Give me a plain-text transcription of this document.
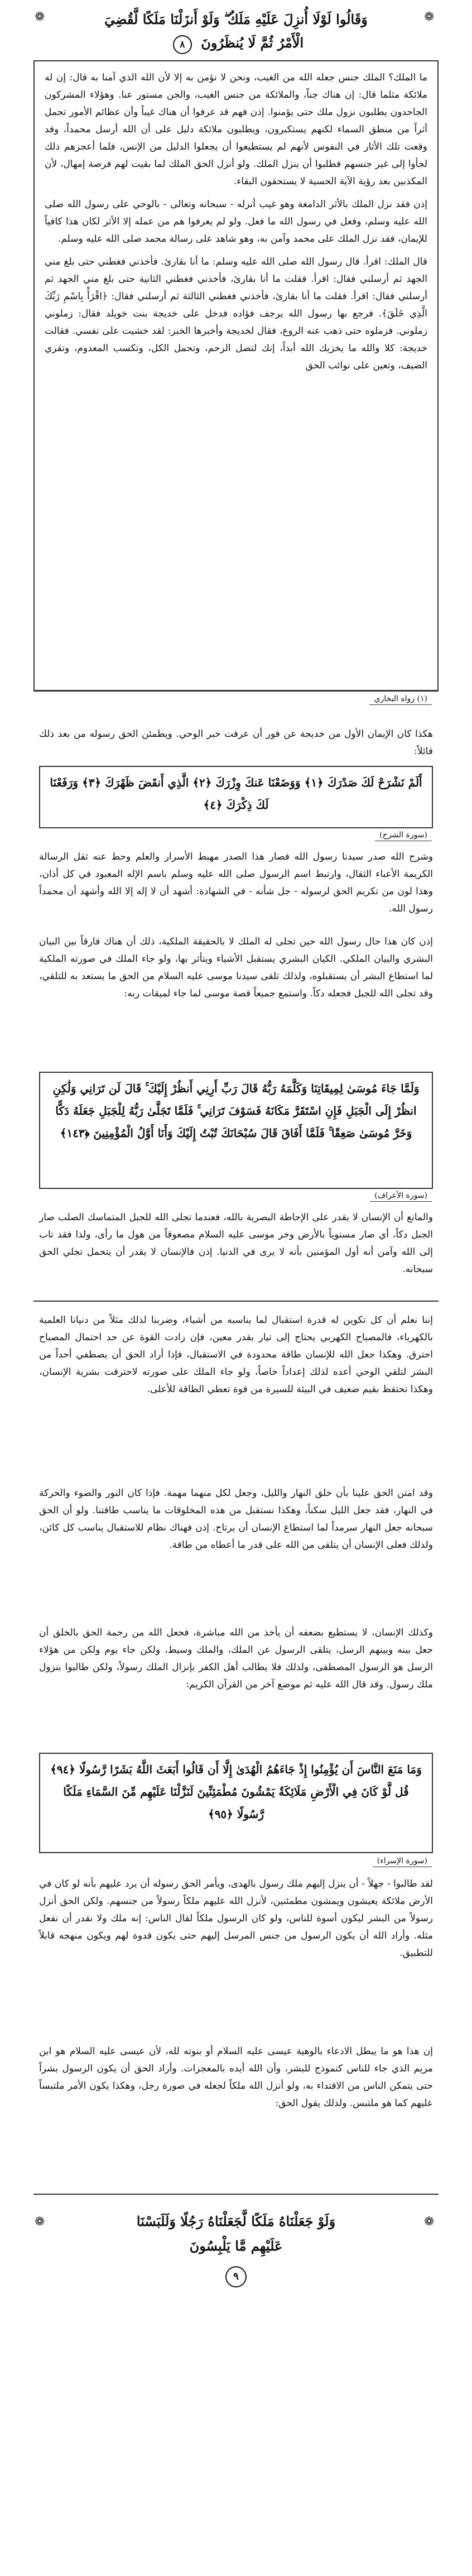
❁	❁
وَقَالُوا لَوْلَا أُنزِلَ عَلَيْهِ مَلَكٌ ۖ وَلَوْ أَنزَلْنَا مَلَكًا لَّقُضِيَ
الْأَمْرُ ثُمَّ لَا يُنظَرُونَ ٨

ما الملك؟ الملك جنس جعله الله من الغيب، ونحن لا نؤمن به إلا لأن الله الذي آمنا به قال: إن له ملائكة مثلما قال: إن هناك جناً، والملائكة من جنس الغيب، والجن مستور عنا. وهؤلاء المشركون الجاحدون يطلبون نزول ملك حتى يؤمنوا. إذن فهم قد عرفوا أن هناك غيباً وأن عظائم الأمور تحمل أثراً من منطق السماء لكنهم يستكبرون، ويطلبون ملائكة دليل على أن الله أرسل محمداً، وقد وقعت تلك الأثار في النفوس لأنهم لم يستطيعوا أن يجعلوا الدليل من الإنس، فلما أعجزهم ذلك لجأوا إلى غير جنسهم فطلبوا أن ينزل الملك. ولو أنزل الحق الملك لما بقيت لهم فرصة إمهال، لأن المكذبين بعد رؤية الآية الحسية لا يستحقون البقاء.

إذن فقد نزل الملك بالأثر الدامغة وهو غيب أنزله - سبحانه وتعالى - بالوحي على رسول الله صلى الله عليه وسلم، وفعل في رسول الله ما فعل. ولو لم يعرفوا هم من عمله إلا الأثر لكان هذا كافياً للإيمان، فقد نزل الملك على محمد وآمن به، وهو شاهد على رسالة محمد صلى الله عليه وسلم.

قال الملك: اقرأ. قال رسول الله صلى الله عليه وسلم: ما أنا بقارئ. فأخذني فغطني حتى بلغ مني الجهد ثم أرسلني فقال: اقرأ. فقلت ما أنا بقارئ، فأخذني فغطني الثانية حتى بلغ مني الجهد ثم أرسلني فقال: اقرأ. فقلت ما أنا بقارئ، فأخذني فغطني الثالثة ثم أرسلني فقال: ﴿اقْرَأْ بِاسْمِ رَبِّكَ الَّذِي خَلَقَ﴾. فرجع بها رسول الله يرجف فؤاده فدخل على خديجة بنت خويلد فقال: زملوني زملوني. فزملوه حتى ذهب عنه الروع، فقال لخديجة وأخبرها الخبر: لقد خشيت على نفسي. فقالت خديجة: كلا والله ما يخزيك الله أبداً، إنك لتصل الرحم، وتحمل الكل، وتكسب المعدوم، وتقري الضيف، وتعين على نوائب الحق

(١) رواه البخاري
هكذا كان الإيمان الأول من خديجة عن فور أن عرفت خبر الوحي. ويطمئن الحق رسوله من بعد ذلك قائلاً:
أَلَمْ نَشْرَحْ لَكَ صَدْرَكَ ﴿١﴾ وَوَضَعْنَا عَنكَ وِزْرَكَ ﴿٢﴾ الَّذِي أَنقَضَ ظَهْرَكَ ﴿٣﴾ وَرَفَعْنَا لَكَ ذِكْرَكَ ﴿٤﴾
(سورة الشرح)
وشرح الله صدر سيدنا رسول الله فصار هذا الصدر مهبط الأسرار والعلم وحط عنه ثقل الرسالة الكريمة الأعباء الثقال، وارتبط اسم الرسول صلى الله عليه وسلم باسم الإله المعبود في كل أذان، وهذا لون من تكريم الحق لرسوله - جل شأنه - في الشهادة: أشهد أن لا إله إلا الله وأشهد أن محمداً رسول الله.
إذن كان هذا حال رسول الله حين تجلى له الملك لا بالحقيقة الملكية، ذلك أن هناك فارقاً بين البيان البشري والبيان الملكي. الكيان البشري يستقبل الأشياء ويتأثر بها، ولو جاء الملك في صورته الملكية لما استطاع البشر أن يستقبلوه، ولذلك تلقى سيدنا موسى عليه السلام من الحق ما يستعد به للتلقي، وقد تجلى الله للجبل فجعله دكاً. واستمع جميعاً قصة موسى لما جاء لميقات ربه:
وَلَمَّا جَاءَ مُوسَىٰ لِمِيقَاتِنَا وَكَلَّمَهُ رَبُّهُ قَالَ رَبِّ أَرِنِي أَنظُرْ إِلَيْكَ ۚ قَالَ لَن تَرَانِي وَلَٰكِنِ انظُرْ إِلَى الْجَبَلِ فَإِنِ اسْتَقَرَّ مَكَانَهُ فَسَوْفَ تَرَانِي ۚ فَلَمَّا تَجَلَّىٰ رَبُّهُ لِلْجَبَلِ جَعَلَهُ دَكًّا وَخَرَّ مُوسَىٰ صَعِقًا ۚ فَلَمَّا أَفَاقَ قَالَ سُبْحَانَكَ تُبْتُ إِلَيْكَ وَأَنَا أَوَّلُ الْمُؤْمِنِينَ ﴿١٤٣﴾
(سورة الأعراف)
والمانع أن الإنسان لا يقدر على الإحاطة البصرية بالله، فعندما تجلى الله للجبل المتماسك الصلب صار الجبل دكاً، أي صار مستوياً بالأرض وخر موسى عليه السلام مصعوقاً من هول ما رأى، ولذا فقد تاب إلى الله وآمن أنه أول المؤمنين بأنه لا يرى في الدنيا. إذن فالإنسان لا يقدر أن يتحمل تجلي الحق سبحانه.
إننا نعلم أن كل تكوين له قدرة استقبال لما يناسبه من أشياء، وضربنا لذلك مثلاً من دنيانا العلمية بالكهرباء، فالمصباح الكهربي يحتاج إلى تيار بقدر معين، فإن زادت القوة عن حد احتمال المصباح احترق. وهكذا جعل الله للإنسان طاقة محدودة في الاستقبال، فإذا أراد الحق أن يصطفي أحداً من البشر لتلقي الوحي أعده لذلك إعداداً خاصاً، ولو جاء الملك على صورته لاحترقت بشرية الإنسان، وهكذا تحتفظ بقيم ضعيف في البيئة للسيرة من قوة تعطي الطاقة للأعلى.
وقد امتن الحق علينا بأن خلق النهار والليل، وجعل لكل منهما مهمة. فإذا كان النور والضوء والحركة في النهار، فقد جعل الليل سكناً، وهكذا نستقبل من هذه المخلوقات ما يناسب طاقتنا. ولو أن الحق سبحانه جعل النهار سرمداً لما استطاع الإنسان أن يرتاح. إذن فهناك نظام للاستقبال يناسب كل كائن، ولذلك فعلى الإنسان أن يتلقى من الله على قدر ما أعطاه من طاقة.
وكذلك الإنسان، لا يستطيع بضعفه أن يأخذ من الله مباشرة، فجعل الله من رحمة الحق بالخلق أن جعل بينه وبينهم الرسل، يتلقى الرسول عن الملك، والملك وسيط، ولكن جاء يوم ولكن من هؤلاء الرسل هو الرسول المصطفى، ولذلك فلا يطالب أهل الكفر بإنزال الملك رسولاً، ولكن طالبوا بنزول ملك رسول. وقد قال الله عليه ثم موضع آخر من القرآن الكريم:
وَمَا مَنَعَ النَّاسَ أَن يُؤْمِنُوا إِذْ جَاءَهُمُ الْهُدَىٰ إِلَّا أَن قَالُوا أَبَعَثَ اللَّهُ بَشَرًا رَّسُولًا ﴿٩٤﴾ قُل لَّوْ كَانَ فِي الْأَرْضِ مَلَائِكَةٌ يَمْشُونَ مُطْمَئِنِّينَ لَنَزَّلْنَا عَلَيْهِم مِّنَ السَّمَاءِ مَلَكًا رَّسُولًا ﴿٩٥﴾
(سورة الإسراء)
لقد طالبوا - جهلاً - أن ينزل إليهم ملك رسول بالهدى، ويأمر الحق رسوله أن يرد عليهم بأنه لو كان في الأرض ملائكة يعيشون ويمشون مطمئنين، لأنزل الله عليهم ملكاً رسولاً من جنسهم. ولكن الحق أنزل رسولاً من البشر ليكون أسوة للناس، ولو كان الرسول ملكاً لقال الناس: إنه ملك ولا نقدر أن نفعل مثله. وأراد الله أن يكون الرسول من جنس المرسل إليهم حتى يكون قدوة لهم ويكون منهجه قابلاً للتطبيق.
إن هذا هو ما يبطل الادعاء بالوهية عيسى عليه السلام أو بنوته لله، لأن عيسى عليه السلام هو ابن مريم الذي جاء للناس كنموذج للبشر، وأن الله أيده بالمعجزات. وأراد الحق أن يكون الرسول بشراً حتى يتمكن الناس من الاقتداء به، ولو أنزل الله ملكاً لجعله في صورة رجل، وهكذا يكون الأمر ملتبساً عليهم كما هو ملتبس. ولذلك يقول الحق:
❁	❁
وَلَوْ جَعَلْنَاهُ مَلَكًا لَّجَعَلْنَاهُ رَجُلًا وَلَلَبَسْنَا
عَلَيْهِم مَّا يَلْبِسُونَ
٩
